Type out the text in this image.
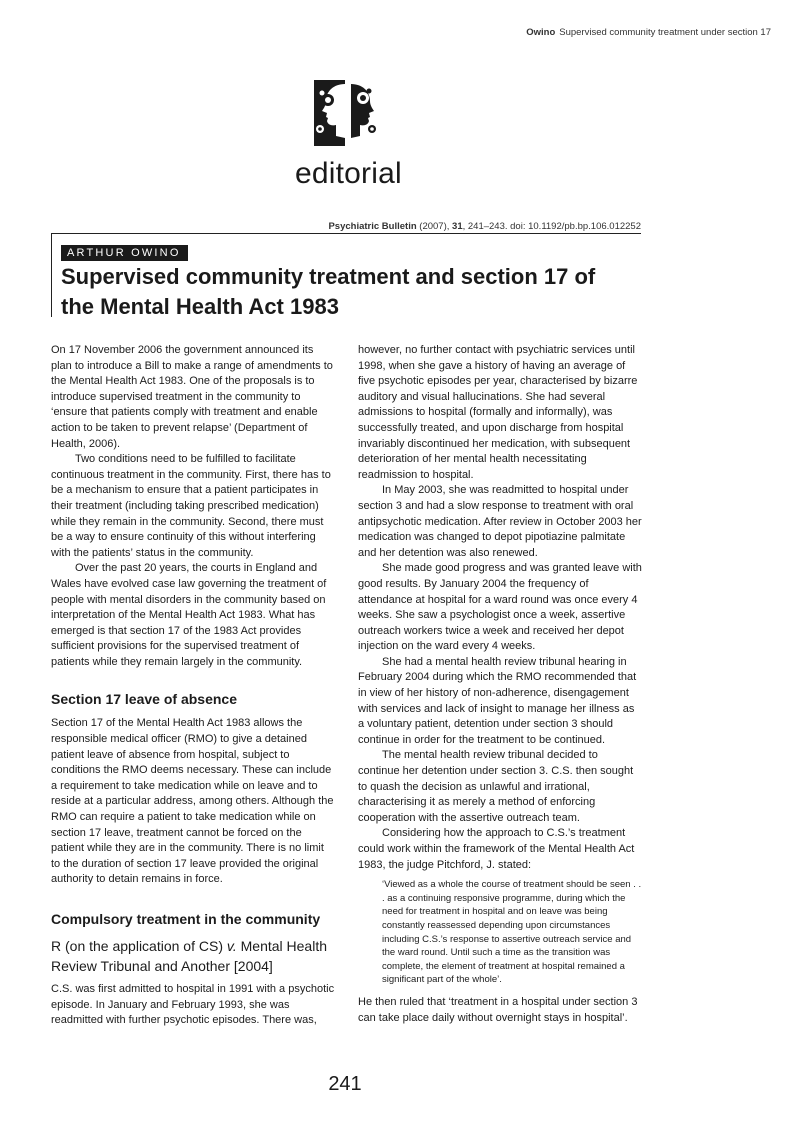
Owino Supervised community treatment under section 17
editorial
Psychiatric Bulletin (2007), 31, 241–243. doi: 10.1192/pb.bp.106.012252
ARTHUR OWINO
Supervised community treatment and section 17 of the Mental Health Act 1983

On 17 November 2006 the government announced its plan to introduce a Bill to make a range of amendments to the Mental Health Act 1983. One of the proposals is to introduce supervised treatment in the community to ‘ensure that patients comply with treatment and enable action to be taken to prevent relapse’ (Department of Health, 2006).

Two conditions need to be fulfilled to facilitate continuous treatment in the community. First, there has to be a mechanism to ensure that a patient participates in their treatment (including taking prescribed medication) while they remain in the community. Second, there must be a way to ensure continuity of this without interfering with the patients’ status in the community.

Over the past 20 years, the courts in England and Wales have evolved case law governing the treatment of people with mental disorders in the community based on interpretation of the Mental Health Act 1983. What has emerged is that section 17 of the 1983 Act provides sufficient provisions for the supervised treatment of patients while they remain largely in the community.

Section 17 leave of absence

Section 17 of the Mental Health Act 1983 allows the responsible medical officer (RMO) to give a detained patient leave of absence from hospital, subject to conditions the RMO deems necessary. These can include a requirement to take medication while on leave and to reside at a particular address, among others. Although the RMO can require a patient to take medication while on section 17 leave, treatment cannot be forced on the patient while they are in the community. There is no limit to the duration of section 17 leave provided the original authority to detain remains in force.

Compulsory treatment in the community
R (on the application of CS) v. Mental Health Review Tribunal and Another [2004]

C.S. was first admitted to hospital in 1991 with a psychotic episode. In January and February 1993, she was readmitted with further psychotic episodes. There was,

however, no further contact with psychiatric services until 1998, when she gave a history of having an average of five psychotic episodes per year, characterised by bizarre auditory and visual hallucinations. She had several admissions to hospital (formally and informally), was successfully treated, and upon discharge from hospital invariably discontinued her medication, with subsequent deterioration of her mental health necessitating readmission to hospital.

In May 2003, she was readmitted to hospital under section 3 and had a slow response to treatment with oral antipsychotic medication. After review in October 2003 her medication was changed to depot pipotiazine palmitate and her detention was also renewed.

She made good progress and was granted leave with good results. By January 2004 the frequency of attendance at hospital for a ward round was once every 4 weeks. She saw a psychologist once a week, assertive outreach workers twice a week and received her depot injection on the ward every 4 weeks.

She had a mental health review tribunal hearing in February 2004 during which the RMO recommended that in view of her history of non-adherence, disengagement with services and lack of insight to manage her illness as a voluntary patient, detention under section 3 should continue in order for the treatment to be continued.

The mental health review tribunal decided to continue her detention under section 3. C.S. then sought to quash the decision as unlawful and irrational, characterising it as merely a method of enforcing cooperation with the assertive outreach team.

Considering how the approach to C.S.’s treatment could work within the framework of the Mental Health Act 1983, the judge Pitchford, J. stated:

‘Viewed as a whole the course of treatment should be seen . . . as a continuing responsive programme, during which the need for treatment in hospital and on leave was being constantly reassessed depending upon circumstances including C.S.’s response to assertive outreach service and the ward round. Until such a time as the transition was complete, the element of treatment at hospital remained a significant part of the whole’.

He then ruled that ‘treatment in a hospital under section 3 can take place daily without overnight stays in hospital’.

241
